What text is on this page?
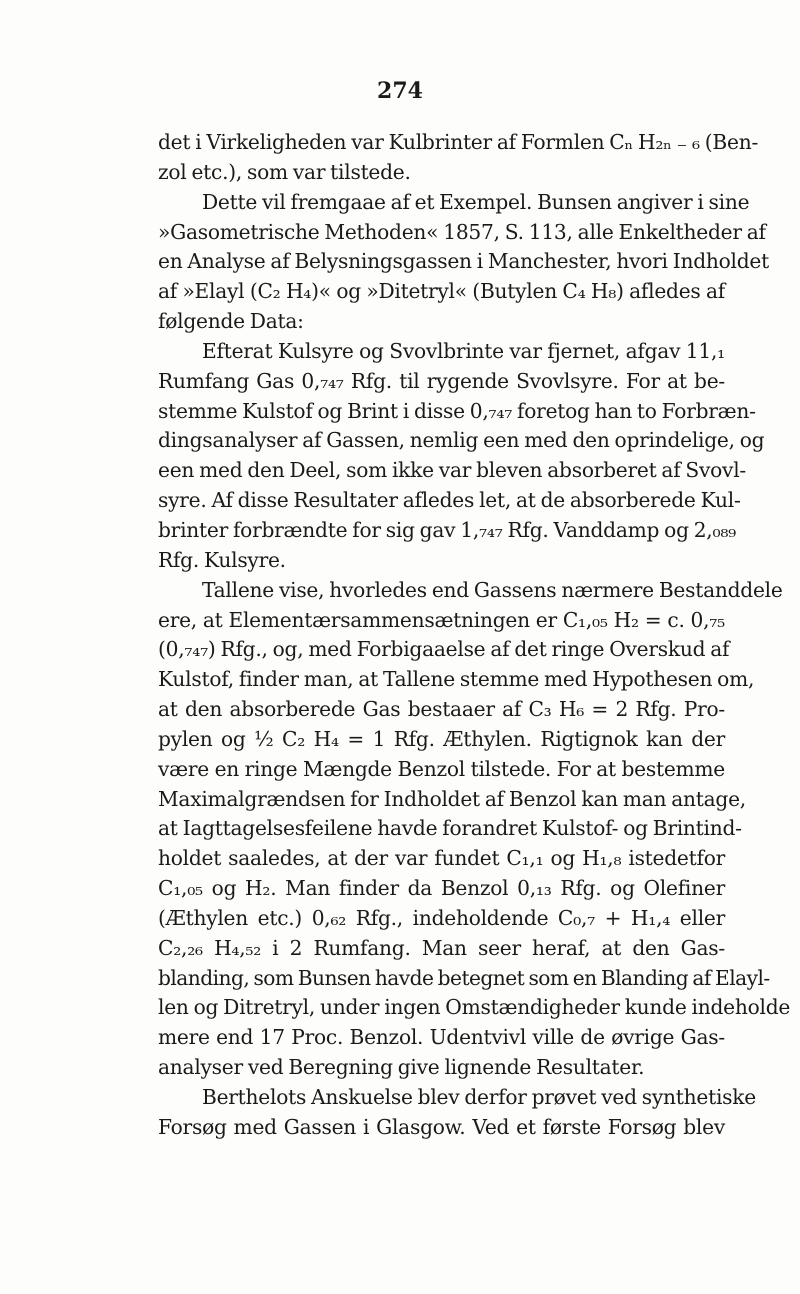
274
det i Virkeligheden var Kulbrinter af Formlen Cₙ H₂ₙ ₋ ₆ (Ben-
zol etc.), som var tilstede.
Dette vil fremgaae af et Exempel. Bunsen angiver i sine
»Gasometrische Methoden« 1857, S. 113, alle Enkeltheder af
en Analyse af Belysningsgassen i Manchester, hvori Indholdet
af »Elayl (C₂ H₄)« og »Ditetryl« (Butylen C₄ H₈) afledes af
følgende Data:
Efterat Kulsyre og Svovlbrinte var fjernet, afgav 11,₁
Rumfang Gas 0,₇₄₇ Rfg. til rygende Svovlsyre. For at be-
stemme Kulstof og Brint i disse 0,₇₄₇ foretog han to Forbræn-
dingsanalyser af Gassen, nemlig een med den oprindelige, og
een med den Deel, som ikke var bleven absorberet af Svovl-
syre. Af disse Resultater afledes let, at de absorberede Kul-
brinter forbrændte for sig gav 1,₇₄₇ Rfg. Vanddamp og 2,₀₈₉
Rfg. Kulsyre.
Tallene vise, hvorledes end Gassens nærmere Bestanddele
ere, at Elementærsammensætningen er C₁,₀₅ H₂ = c. 0,₇₅
(0,₇₄₇) Rfg., og, med Forbigaaelse af det ringe Overskud af
Kulstof, finder man, at Tallene stemme med Hypothesen om,
at den absorberede Gas bestaaer af C₃ H₆ = 2 Rfg. Pro-
pylen og ½ C₂ H₄ = 1 Rfg. Æthylen. Rigtignok kan der
være en ringe Mængde Benzol tilstede. For at bestemme
Maximalgrændsen for Indholdet af Benzol kan man antage,
at Iagttagelsesfeilene havde forandret Kulstof- og Brintind-
holdet saaledes, at der var fundet C₁,₁ og H₁,₈ istedetfor
C₁,₀₅ og H₂. Man finder da Benzol 0,₁₃ Rfg. og Olefiner
(Æthylen etc.) 0,₆₂ Rfg., indeholdende C₀,₇ + H₁,₄ eller
C₂,₂₆ H₄,₅₂ i 2 Rumfang. Man seer heraf, at den Gas-
blanding, som Bunsen havde betegnet som en Blanding af Elayl-
len og Ditretryl, under ingen Omstændigheder kunde indeholde
mere end 17 Proc. Benzol. Udentvivl ville de øvrige Gas-
analyser ved Beregning give lignende Resultater.
Berthelots Anskuelse blev derfor prøvet ved synthetiske
Forsøg med Gassen i Glasgow. Ved et første Forsøg blev
